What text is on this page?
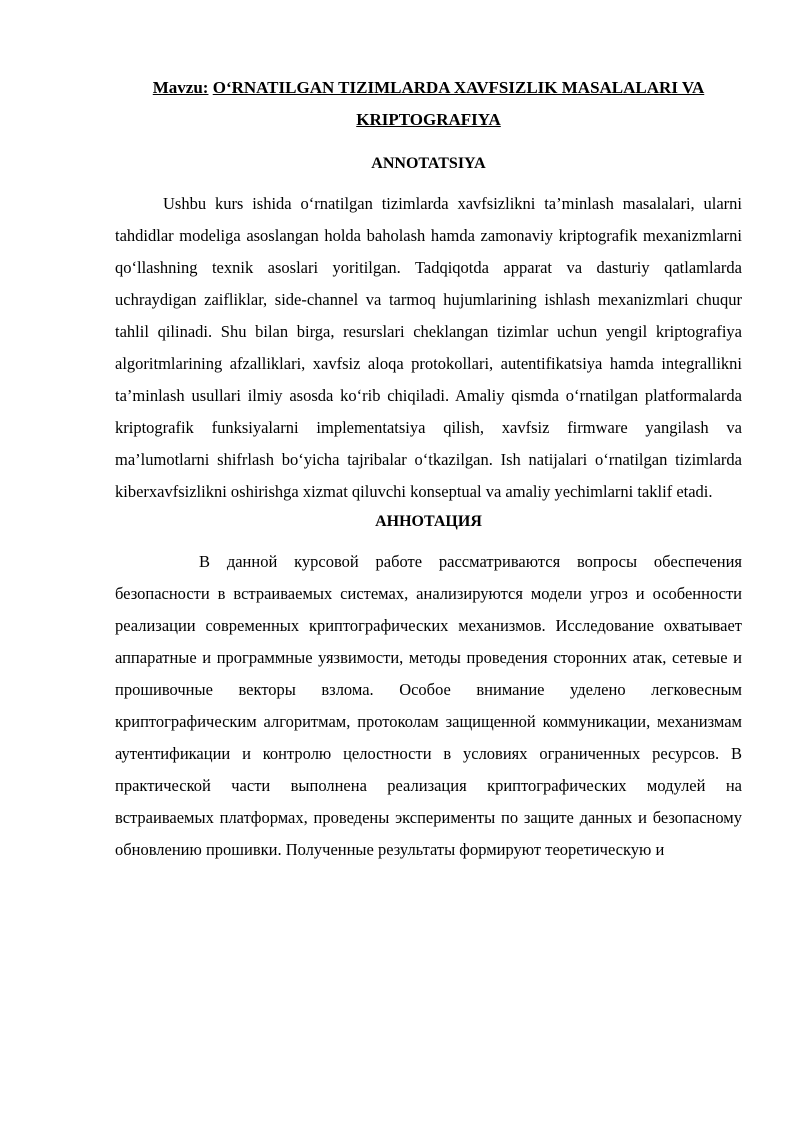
Mavzu: O‘RNATILGAN TIZIMLARDA XAVFSIZLIK MASALALARI VA KRIPTOGRAFIYA

ANNOTATSIYA

Ushbu kurs ishida o‘rnatilgan tizimlarda xavfsizlikni ta’minlash masalalari, ularni tahdidlar modeliga asoslangan holda baholash hamda zamonaviy kriptografik mexanizmlarni qo‘llashning texnik asoslari yoritilgan. Tadqiqotda apparat va dasturiy qatlamlarda uchraydigan zaifliklar, side-channel va tarmoq hujumlarining ishlash mexanizmlari chuqur tahlil qilinadi. Shu bilan birga, resurslari cheklangan tizimlar uchun yengil kriptografiya algoritmlarining afzalliklari, xavfsiz aloqa protokollari, autentifikatsiya hamda integrallikni ta’minlash usullari ilmiy asosda ko‘rib chiqiladi. Amaliy qismda o‘rnatilgan platformalarda kriptografik funksiyalarni implementatsiya qilish, xavfsiz firmware yangilash va ma’lumotlarni shifrlash bo‘yicha tajribalar o‘tkazilgan. Ish natijalari o‘rnatilgan tizimlarda kiberxavfsizlikni oshirishga xizmat qiluvchi konseptual va amaliy yechimlarni taklif etadi.

АННОТАЦИЯ

В данной курсовой работе рассматриваются вопросы обеспечения безопасности в встраиваемых системах, анализируются модели угроз и особенности реализации современных криптографических механизмов. Исследование охватывает аппаратные и программные уязвимости, методы проведения сторонних атак, сетевые и прошивочные векторы взлома. Особое внимание уделено легковесным криптографическим алгоритмам, протоколам защищенной коммуникации, механизмам аутентификации и контролю целостности в условиях ограниченных ресурсов. В практической части выполнена реализация криптографических модулей на встраиваемых платформах, проведены эксперименты по защите данных и безопасному обновлению прошивки. Полученные результаты формируют теоретическую и
